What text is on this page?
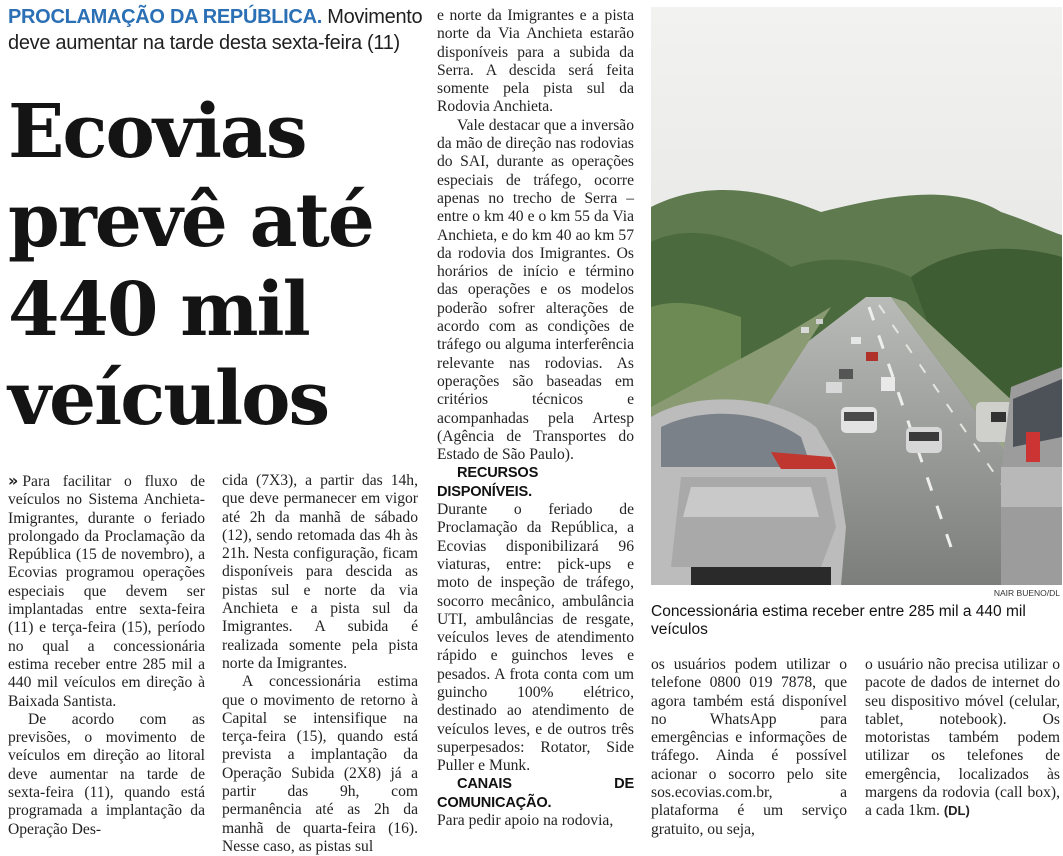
PROCLAMAÇÃO DA REPÚBLICA. Movimento deve aumentar na tarde desta sexta-feira (11)
Ecovias prevê até 440 mil veículos

» Para facilitar o fluxo de veículos no Sistema Anchieta-Imigrantes, durante o feriado prolongado da Proclamação da República (15 de novembro), a Ecovias programou operações especiais que devem ser implantadas entre sexta-feira (11) e terça-feira (15), período no qual a concessionária estima receber entre 285 mil a 440 mil veículos em direção à Baixada Santista.

De acordo com as previsões, o movimento de veículos em direção ao litoral deve aumentar na tarde de sexta-feira (11), quando está programada a implantação da Operação Des-

cida (7X3), a partir das 14h, que deve permanecer em vigor até 2h da manhã de sábado (12), sendo retomada das 4h às 21h. Nesta configuração, ficam disponíveis para descida as pistas sul e norte da via Anchieta e a pista sul da Imigrantes. A subida é realizada somente pela pista norte da Imigrantes.

A concessionária estima que o movimento de retorno à Capital se intensifique na terça-feira (15), quando está prevista a implantação da Operação Subida (2X8) já a partir das 9h, com permanência até as 2h da manhã de quarta-feira (16). Nesse caso, as pistas sul

e norte da Imigrantes e a pista norte da Via Anchieta estarão disponíveis para a subida da Serra. A descida será feita somente pela pista sul da Rodovia Anchieta.

Vale destacar que a inversão da mão de direção nas rodovias do SAI, durante as operações especiais de tráfego, ocorre apenas no trecho de Serra – entre o km 40 e o km 55 da Via Anchieta, e do km 40 ao km 57 da rodovia dos Imigrantes. Os horários de início e término das operações e os modelos poderão sofrer alterações de acordo com as condições de tráfego ou alguma interferência relevante nas rodovias. As operações são baseadas em critérios técnicos e acompanhadas pela Artesp (Agência de Transportes do Estado de São Paulo).

RECURSOS DISPONÍVEIS.

Durante o feriado de Proclamação da República, a Ecovias disponibilizará 96 viaturas, entre: pick-ups e moto de inspeção de tráfego, socorro mecânico, ambulância UTI, ambulâncias de resgate, veículos leves de atendimento rápido e guinchos leves e pesados. A frota conta com um guincho 100% elétrico, destinado ao atendimento de veículos leves, e de outros três superpesados: Rotator, Side Puller e Munk.

CANAIS DE COMUNICAÇÃO.

Para pedir apoio na rodovia,

NAIR BUENO/DL
Concessionária estima receber entre 285 mil a 440 mil veículos

os usuários podem utilizar o telefone 0800 019 7878, que agora também está disponível no WhatsApp para emergências e informações de tráfego. Ainda é possível acionar o socorro pelo site sos.ecovias.com.br, a plataforma é um serviço gratuito, ou seja,

o usuário não precisa utilizar o pacote de dados de internet do seu dispositivo móvel (celular, tablet, notebook). Os motoristas também podem utilizar os telefones de emergência, localizados às margens da rodovia (call box), a cada 1km. (DL)
